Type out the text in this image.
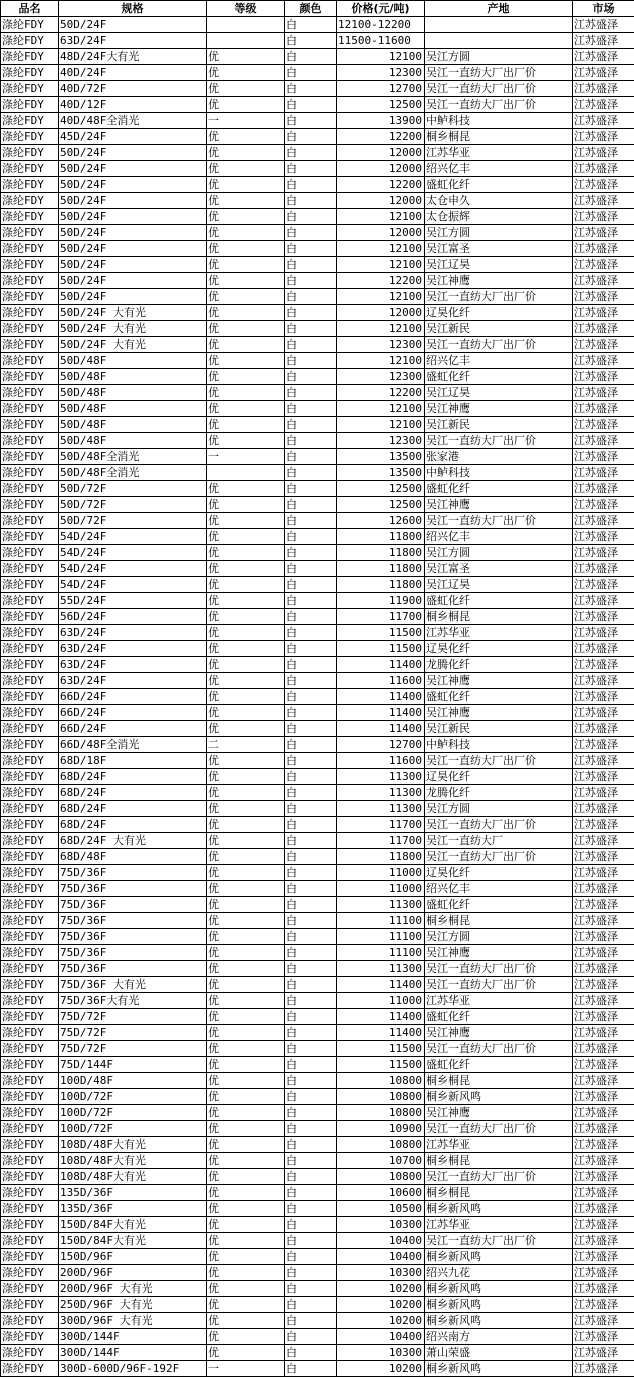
品名	规格	等级	颜色	价格(元/吨)	产地	市场
涤纶FDY	50D/24F		白	12100-12200		江苏盛泽
涤纶FDY	63D/24F		白	11500-11600		江苏盛泽
涤纶FDY	48D/24F大有光	优	白	12100	吴江方圆	江苏盛泽
涤纶FDY	40D/24F	优	白	12300	吴江一直纺大厂出厂价	江苏盛泽
涤纶FDY	40D/72F	优	白	12700	吴江一直纺大厂出厂价	江苏盛泽
涤纶FDY	40D/12F	优	白	12500	吴江一直纺大厂出厂价	江苏盛泽
涤纶FDY	40D/48F全消光	一	白	13900	中鲈科技	江苏盛泽
涤纶FDY	45D/24F	优	白	12200	桐乡桐昆	江苏盛泽
涤纶FDY	50D/24F	优	白	12000	江苏华亚	江苏盛泽
涤纶FDY	50D/24F	优	白	12000	绍兴亿丰	江苏盛泽
涤纶FDY	50D/24F	优	白	12200	盛虹化纤	江苏盛泽
涤纶FDY	50D/24F	优	白	12000	太仓申久	江苏盛泽
涤纶FDY	50D/24F	优	白	12100	太仓振辉	江苏盛泽
涤纶FDY	50D/24F	优	白	12000	吴江方圆	江苏盛泽
涤纶FDY	50D/24F	优	白	12100	吴江富圣	江苏盛泽
涤纶FDY	50D/24F	优	白	12100	吴江辽昊	江苏盛泽
涤纶FDY	50D/24F	优	白	12200	吴江神鹰	江苏盛泽
涤纶FDY	50D/24F	优	白	12100	吴江一直纺大厂出厂价	江苏盛泽
涤纶FDY	50D/24F 大有光	优	白	12000	辽昊化纤	江苏盛泽
涤纶FDY	50D/24F 大有光	优	白	12100	吴江新民	江苏盛泽
涤纶FDY	50D/24F 大有光	优	白	12300	吴江一直纺大厂出厂价	江苏盛泽
涤纶FDY	50D/48F	优	白	12100	绍兴亿丰	江苏盛泽
涤纶FDY	50D/48F	优	白	12300	盛虹化纤	江苏盛泽
涤纶FDY	50D/48F	优	白	12200	吴江辽昊	江苏盛泽
涤纶FDY	50D/48F	优	白	12100	吴江神鹰	江苏盛泽
涤纶FDY	50D/48F	优	白	12100	吴江新民	江苏盛泽
涤纶FDY	50D/48F	优	白	12300	吴江一直纺大厂出厂价	江苏盛泽
涤纶FDY	50D/48F全消光	一	白	13500	张家港	江苏盛泽
涤纶FDY	50D/48F全消光		白	13500	中鲈科技	江苏盛泽
涤纶FDY	50D/72F	优	白	12500	盛虹化纤	江苏盛泽
涤纶FDY	50D/72F	优	白	12500	吴江神鹰	江苏盛泽
涤纶FDY	50D/72F	优	白	12600	吴江一直纺大厂出厂价	江苏盛泽
涤纶FDY	54D/24F	优	白	11800	绍兴亿丰	江苏盛泽
涤纶FDY	54D/24F	优	白	11800	吴江方圆	江苏盛泽
涤纶FDY	54D/24F	优	白	11800	吴江富圣	江苏盛泽
涤纶FDY	54D/24F	优	白	11800	吴江辽昊	江苏盛泽
涤纶FDY	55D/24F	优	白	11900	盛虹化纤	江苏盛泽
涤纶FDY	56D/24F	优	白	11700	桐乡桐昆	江苏盛泽
涤纶FDY	63D/24F	优	白	11500	江苏华亚	江苏盛泽
涤纶FDY	63D/24F	优	白	11500	辽昊化纤	江苏盛泽
涤纶FDY	63D/24F	优	白	11400	龙腾化纤	江苏盛泽
涤纶FDY	63D/24F	优	白	11600	吴江神鹰	江苏盛泽
涤纶FDY	66D/24F	优	白	11400	盛虹化纤	江苏盛泽
涤纶FDY	66D/24F	优	白	11400	吴江神鹰	江苏盛泽
涤纶FDY	66D/24F	优	白	11400	吴江新民	江苏盛泽
涤纶FDY	66D/48F全消光	二	白	12700	中鲈科技	江苏盛泽
涤纶FDY	68D/18F	优	白	11600	吴江一直纺大厂出厂价	江苏盛泽
涤纶FDY	68D/24F	优	白	11300	辽昊化纤	江苏盛泽
涤纶FDY	68D/24F	优	白	11300	龙腾化纤	江苏盛泽
涤纶FDY	68D/24F	优	白	11300	吴江方圆	江苏盛泽
涤纶FDY	68D/24F	优	白	11700	吴江一直纺大厂出厂价	江苏盛泽
涤纶FDY	68D/24F 大有光	优	白	11700	吴江一直纺大厂	江苏盛泽
涤纶FDY	68D/48F	优	白	11800	吴江一直纺大厂出厂价	江苏盛泽
涤纶FDY	75D/36F	优	白	11000	辽昊化纤	江苏盛泽
涤纶FDY	75D/36F	优	白	11000	绍兴亿丰	江苏盛泽
涤纶FDY	75D/36F	优	白	11300	盛虹化纤	江苏盛泽
涤纶FDY	75D/36F	优	白	11100	桐乡桐昆	江苏盛泽
涤纶FDY	75D/36F	优	白	11100	吴江方圆	江苏盛泽
涤纶FDY	75D/36F	优	白	11100	吴江神鹰	江苏盛泽
涤纶FDY	75D/36F	优	白	11300	吴江一直纺大厂出厂价	江苏盛泽
涤纶FDY	75D/36F 大有光	优	白	11400	吴江一直纺大厂出厂价	江苏盛泽
涤纶FDY	75D/36F大有光	优	白	11000	江苏华亚	江苏盛泽
涤纶FDY	75D/72F	优	白	11400	盛虹化纤	江苏盛泽
涤纶FDY	75D/72F	优	白	11400	吴江神鹰	江苏盛泽
涤纶FDY	75D/72F	优	白	11500	吴江一直纺大厂出厂价	江苏盛泽
涤纶FDY	75D/144F	优	白	11500	盛虹化纤	江苏盛泽
涤纶FDY	100D/48F	优	白	10800	桐乡桐昆	江苏盛泽
涤纶FDY	100D/72F	优	白	10800	桐乡新风鸣	江苏盛泽
涤纶FDY	100D/72F	优	白	10800	吴江神鹰	江苏盛泽
涤纶FDY	100D/72F	优	白	10900	吴江一直纺大厂出厂价	江苏盛泽
涤纶FDY	108D/48F大有光	优	白	10800	江苏华亚	江苏盛泽
涤纶FDY	108D/48F大有光	优	白	10700	桐乡桐昆	江苏盛泽
涤纶FDY	108D/48F大有光	优	白	10800	吴江一直纺大厂出厂价	江苏盛泽
涤纶FDY	135D/36F	优	白	10600	桐乡桐昆	江苏盛泽
涤纶FDY	135D/36F	优	白	10500	桐乡新风鸣	江苏盛泽
涤纶FDY	150D/84F大有光	优	白	10300	江苏华亚	江苏盛泽
涤纶FDY	150D/84F大有光	优	白	10400	吴江一直纺大厂出厂价	江苏盛泽
涤纶FDY	150D/96F	优	白	10400	桐乡新风鸣	江苏盛泽
涤纶FDY	200D/96F	优	白	10300	绍兴九花	江苏盛泽
涤纶FDY	200D/96F 大有光	优	白	10200	桐乡新风鸣	江苏盛泽
涤纶FDY	250D/96F 大有光	优	白	10200	桐乡新风鸣	江苏盛泽
涤纶FDY	300D/96F 大有光	优	白	10200	桐乡新风鸣	江苏盛泽
涤纶FDY	300D/144F	优	白	10400	绍兴南方	江苏盛泽
涤纶FDY	300D/144F	优	白	10300	萧山荣盛	江苏盛泽
涤纶FDY	300D-600D/96F-192F	一	白	10200	桐乡新风鸣	江苏盛泽
